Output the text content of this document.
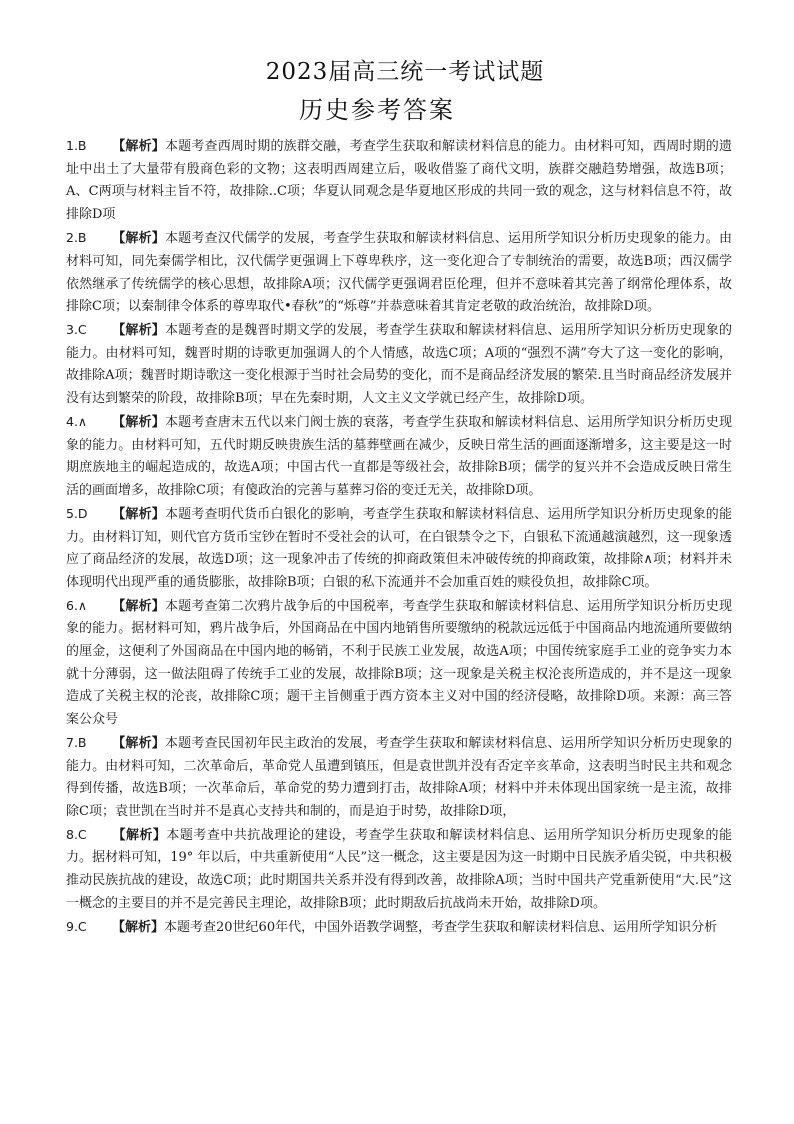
2023届高三统一考试试题
历史参考答案

1.B 【解析】本题考查西周时期的族群交融，考查学生获取和解读材料信息的能力。由材料可知，西周时期的遗址中出土了大量带有殷商色彩的文物；这表明西周建立后，吸收借鉴了商代文明，族群交融趋势增强，故选B项；A、C两项与材料主旨不符，故排除..C项；华夏认同观念是华夏地区形成的共同一致的观念，这与材料信息不符，故排除D项

2.B 【解析】本题考查汉代儒学的发展，考查学生获取和解读材料信息、运用所学知识分析历史现象的能力。由材料可知，同先秦儒学相比，汉代儒学更强调上下尊卑秩序，这一变化迎合了专制统治的需要，故选B项；西汉儒学依然继承了传统儒学的核心思想，故排除A项；汉代儒学更强调君臣伦理，但并不意味着其完善了纲常伦理体系，故排除C项；以秦制律令体系的尊卑取代•春秋”的“烁尊”并恭意味着其肯定老敬的政治统治，故排除D项。

3.C 【解析】本题考查的是魏晋时期文学的发展，考查学生获取和解读材料信息、运用所学知识分析历史现象的能力。由材料可知，魏晋时期的诗歌更加强调人的个人情感，故选C项；A项的“强烈不满”夸大了这一变化的影响，故排除A项；魏晋时期诗歌这一变化根源于当时社会局势的变化，而不是商品经济发展的繁荣.且当时商品经济发展并没有达到繁荣的阶段，故排除B项；早在先秦时期，人文主义文学就已经产生，故排除D项。

4.∧ 【解析】本题考查唐末五代以来门阀士族的衰落，考查学生获取和解读材料信息、运用所学知识分析历史现象的能力。由材料可知，五代时期反映贵族生活的墓葬壁画在减少，反映日常生活的画面逐渐增多，这主要是这一时期庶族地主的崛起造成的，故选A项；中国古代一直都是等级社会，故排除B项；儒学的复兴并不会造成反映日常生活的画面增多，故排除C项；有傻政治的完善与墓葬习俗的变迁无关，故排除D项。

5.D 【解析】本题考查明代货币白银化的影响，考查学生获取和解读材料信息、运用所学知识分析历史现象的能力。由材料订知，则代官方货币宝钞在暂时不受社会的认可，在白银禁令之下，白银私下流通越演越烈，这一现象透应了商品经济的发展，故选D项；这一现象冲击了传统的抑商政策但未冲破传统的抑商政策，故排除∧项；材料并未体现明代出现严重的通货膨胀，故排除B项；白银的私下流通并不会加重百姓的赎役负担，故排除C项。

6.∧ 【解析】本题考查第二次鸦片战争后的中国税率，考查学生获取和解读材料信息、运用所学知识分析历史现象的能力。据材料可知，鸦片战争后，外国商品在中国内地销售所要缴纳的税款远远低于中国商品内地流通所要做纳的厘金，这便利了外国商品在中国内地的畅销，不利于民族工业发展，故选A项；中国传统家庭手工业的竞争实力本就十分薄弱，这一做法阻碍了传统手工业的发展，故排除B项；这一现象是关税主权沦丧所造成的，并不是这一现象造成了关税主权的沦丧，故排除C项；题干主旨侧重于西方资本主义对中国的经济侵略，故排除D项。来源：高三答案公众号

7.B 【解析】本题考查民国初年民主政治的发展，考查学生获取和解读材料信息、运用所学知识分析历史现象的能力。由材料可知，二次革命后，革命党人虽遭到镇压，但是袁世凯并没有否定辛亥革命，这表明当时民主共和观念得到传播，故选B项；一次革命后，革命党的势力遭到打击，故排除A项；材料中并未体现出国家统一是主流，故排除C项；袁世凯在当时并不是真心支持共和制的，而是迫于时势，故排除D项，

8.C 【解析】本题考查中共抗战理论的建设，考查学生获取和解读材料信息、运用所学知识分析历史现象的能力。据材料可知，19° 年以后，中共重新使用“人民”这一概念，这主要是因为这一时期中日民族矛盾尖锐，中共积极推动民族抗战的建设，故选C项；此时期国共关系并没有得到改善，故排除A项；当时中国共产党重新使用“大.民”这一概念的主要目的并不是完善民主理论，故排除B项；此时期敌后抗战尚未开始，故排除D项。

9.C 【解析】本题考查20世纪60年代，中国外语教学调整，考查学生获取和解读材料信息、运用所学知识分析
